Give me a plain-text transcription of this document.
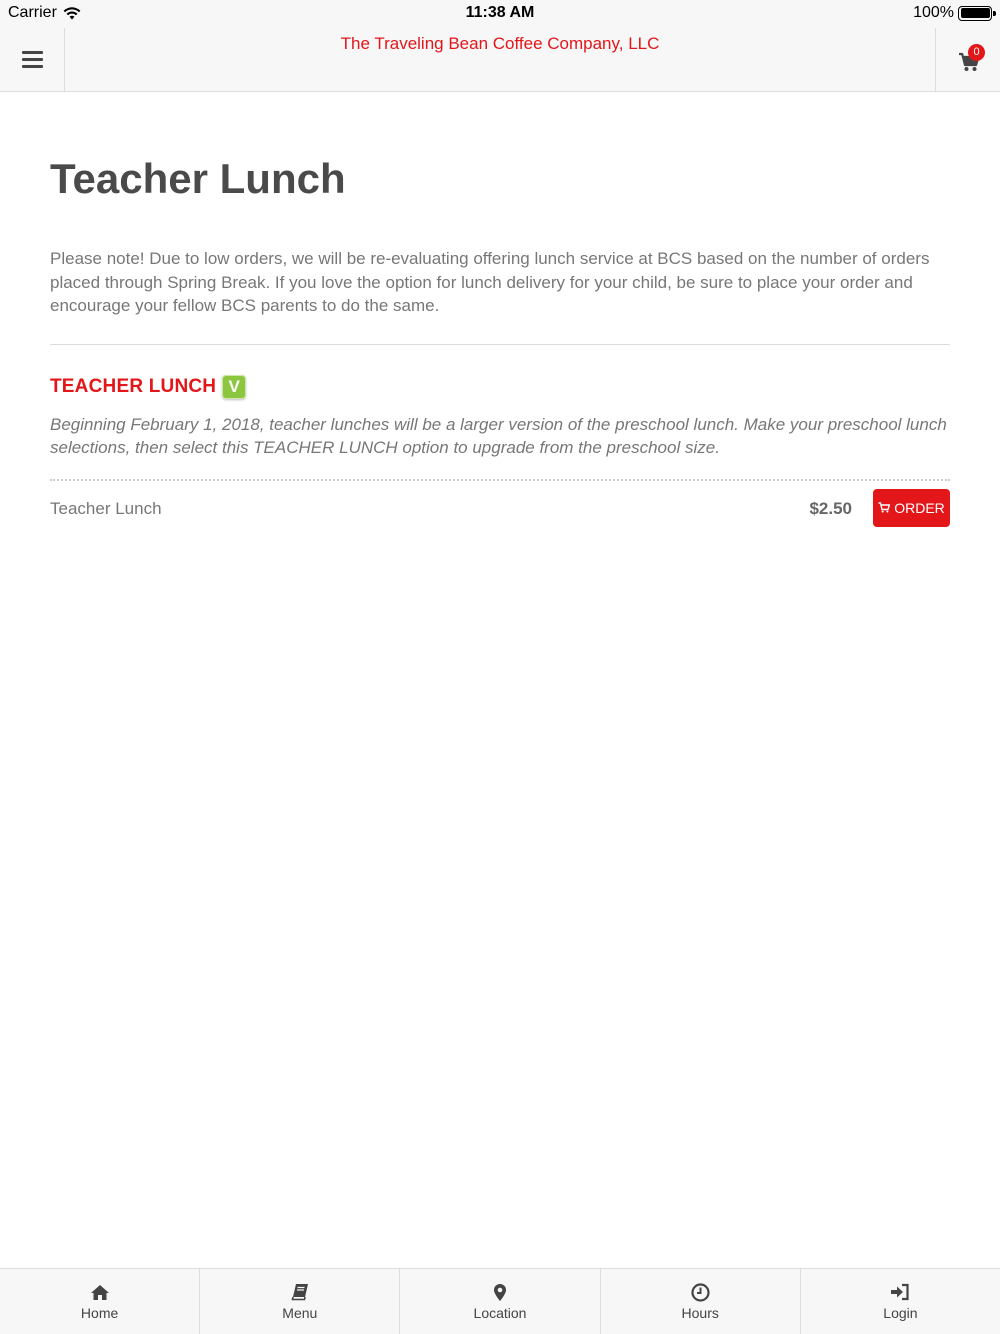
Carrier	11:38 AM	100%
The Traveling Bean Coffee Company, LLC	0
Teacher Lunch

Please note! Due to low orders, we will be re-evaluating offering lunch service at BCS based on the number of orders placed through Spring Break. If you love the option for lunch delivery for your child, be sure to place your order and encourage your fellow BCS parents to do the same.

TEACHER LUNCH V

Beginning February 1, 2018, teacher lunches will be a larger version of the preschool lunch. Make your preschool lunch selections, then select this TEACHER LUNCH option to upgrade from the preschool size.

Teacher Lunch	$2.50	ORDER
Home	Menu	Location	Hours	Login
